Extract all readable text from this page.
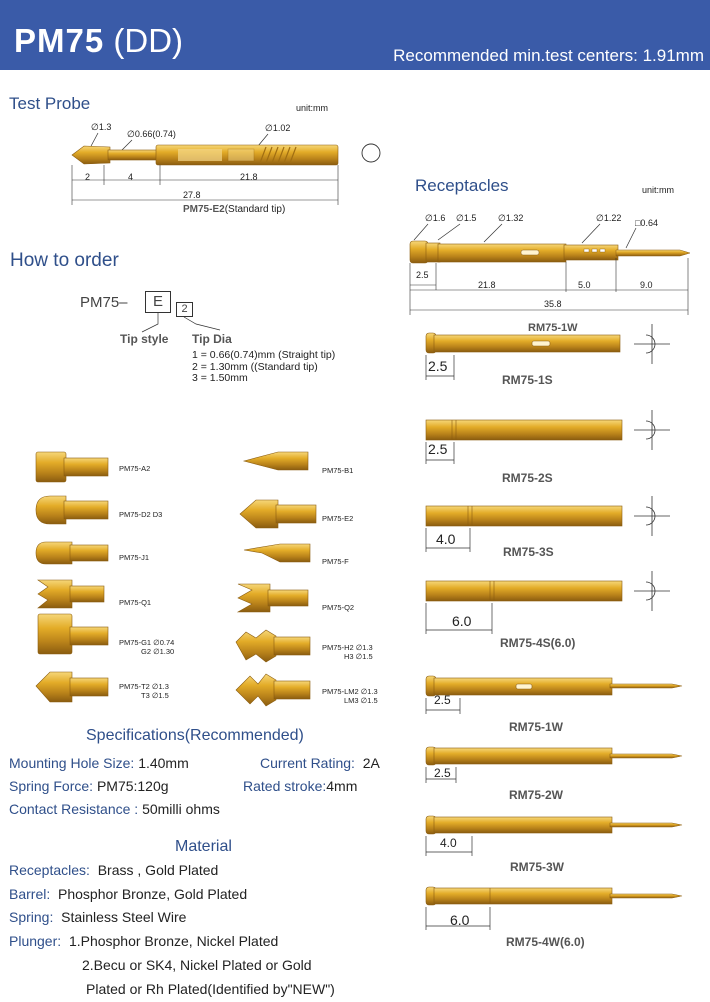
PM75 (DD)	Recommended min.test centers: 1.91mm
Test Probe	unit:mm
∅1.3
∅0.66(0.74)
∅1.02
2	4	21.8
27.8
PM75-E2(Standard tip)
How to order
PM75–	E	2
Tip style Tip Dia
1 = 0.66(0.74)mm (Straight tip)
2 = 1.30mm ((Standard tip)
3 = 1.50mm
PM75-A2
PM75-D2 D3
PM75-J1
PM75-Q1
PM75-G1 ∅0.74
G2 ∅1.30
PM75-T2 ∅1.3
T3 ∅1.5
PM75-B1
PM75-E2
PM75-F
PM75-Q2
PM75-H2 ∅1.3
H3 ∅1.5
PM75-LM2 ∅1.3
LM3 ∅1.5
Receptacles	unit:mm
∅1.6 ∅1.5 ∅1.32	∅1.22 □0.64
2.5
21.8	5.0	9.0
35.8
RM75-1W
2.5
RM75-1S
2.5
RM75-2S
4.0
RM75-3S
6.0
RM75-4S(6.0)
2.5
RM75-1W
2.5
RM75-2W
4.0
RM75-3W
6.0
RM75-4W(6.0)
Specifications(Recommended)
Mounting Hole Size: 1.40mm	Current Rating: 2A
Spring Force: PM75:120g	Rated stroke:4mm
Contact Resistance : 50milli ohms
Material
Receptacles: Brass , Gold Plated
Barrel: Phosphor Bronze, Gold Plated
Spring: Stainless Steel Wire
Plunger: 1.Phosphor Bronze, Nickel Plated
2.Becu or SK4, Nickel Plated or Gold
Plated or Rh Plated(Identified by"NEW")
